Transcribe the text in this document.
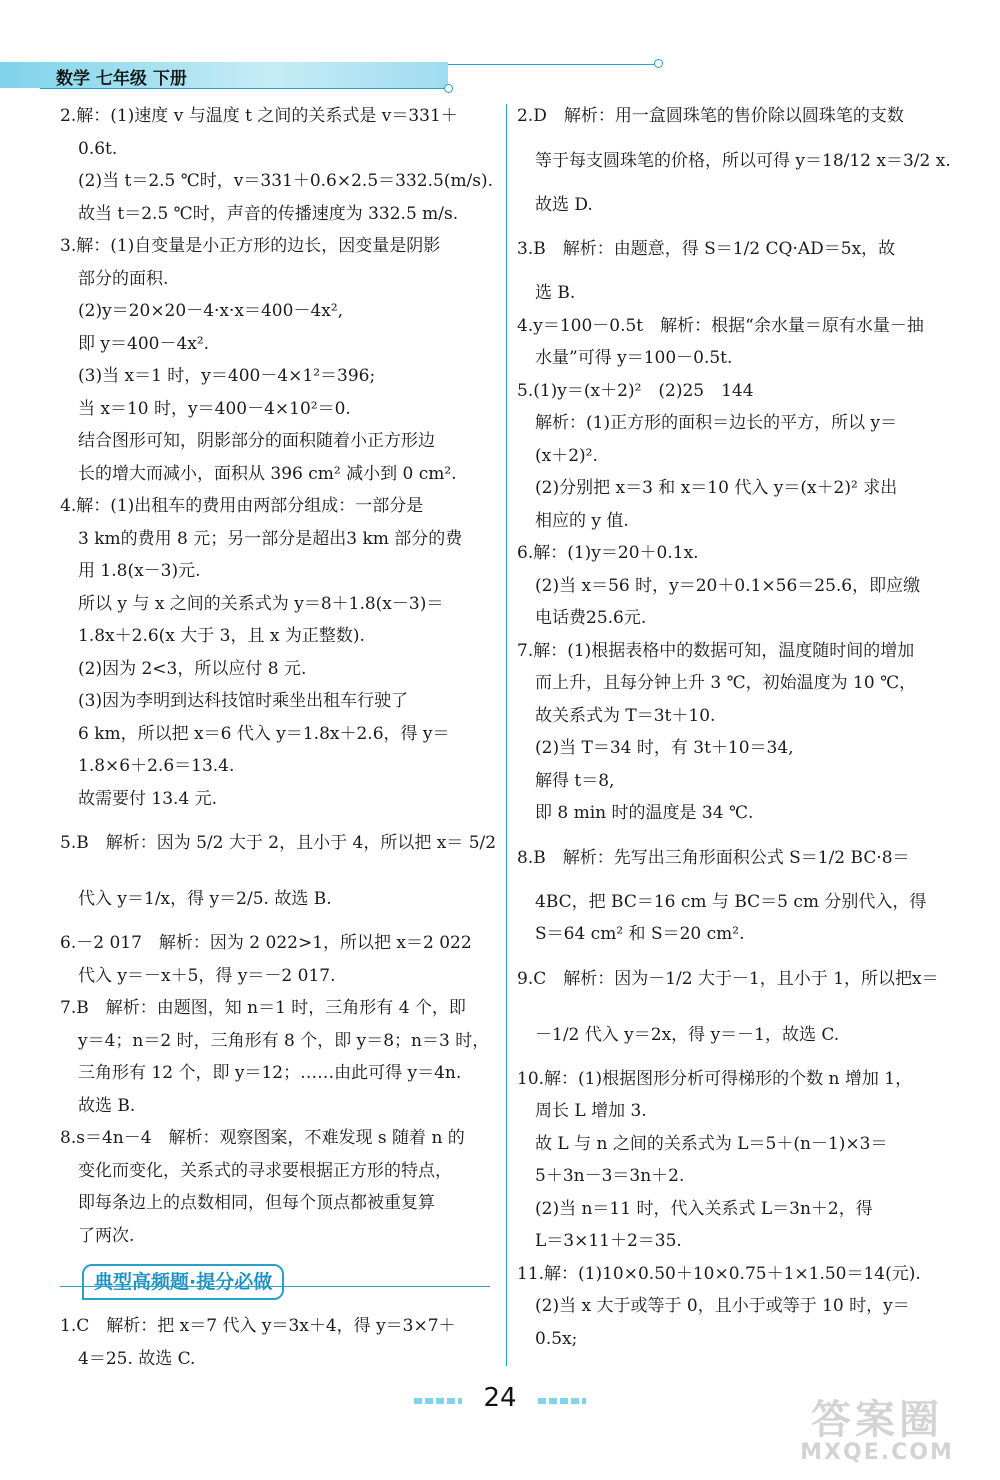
数学 七年级 下册
2.解：(1)速度 v 与温度 t 之间的关系式是 v＝331＋
0.6t.
(2)当 t＝2.5 ℃时，v＝331＋0.6×2.5＝332.5(m/s).
故当 t＝2.5 ℃时，声音的传播速度为 332.5 m/s.
3.解：(1)自变量是小正方形的边长，因变量是阴影
部分的面积.
(2)y＝20×20－4·x·x＝400－4x²,
即 y＝400－4x².
(3)当 x＝1 时，y＝400－4×1²＝396;
当 x＝10 时，y＝400－4×10²＝0.
结合图形可知，阴影部分的面积随着小正方形边
长的增大而减小，面积从 396 cm² 减小到 0 cm².
4.解：(1)出租车的费用由两部分组成：一部分是
3 km的费用 8 元；另一部分是超出3 km 部分的费
用 1.8(x－3)元.
所以 y 与 x 之间的关系式为 y＝8＋1.8(x－3)＝
1.8x＋2.6(x 大于 3，且 x 为正整数).
(2)因为 2<3，所以应付 8 元.
(3)因为李明到达科技馆时乘坐出租车行驶了
6 km，所以把 x＝6 代入 y＝1.8x＋2.6，得 y＝
1.8×6＋2.6＝13.4.
故需要付 13.4 元.
5.B　解析：因为 5/2 大于 2，且小于 4，所以把 x＝ 5/2
代入 y＝1/x，得 y＝2/5. 故选 B.
6.－2 017　解析：因为 2 022>1，所以把 x＝2 022
代入 y＝－x＋5，得 y＝－2 017.
7.B　解析：由题图，知 n＝1 时，三角形有 4 个，即
y＝4；n＝2 时，三角形有 8 个，即 y＝8；n＝3 时，
三角形有 12 个，即 y＝12；……由此可得 y＝4n.
故选 B.
8.s＝4n－4　解析：观察图案，不难发现 s 随着 n 的
变化而变化，关系式的寻求要根据正方形的特点，
即每条边上的点数相同，但每个顶点都被重复算
了两次.
典型高频题·提分必做
1.C　解析：把 x＝7 代入 y＝3x＋4，得 y＝3×7＋
4＝25. 故选 C.
2.D　解析：用一盒圆珠笔的售价除以圆珠笔的支数
等于每支圆珠笔的价格，所以可得 y＝18/12 x＝3/2 x.
故选 D.
3.B　解析：由题意，得 S＝1/2 CQ·AD＝5x，故
选 B.
4.y＝100－0.5t　解析：根据“余水量＝原有水量－抽
水量”可得 y＝100－0.5t.
5.(1)y＝(x＋2)²　(2)25　144
解析：(1)正方形的面积＝边长的平方，所以 y＝
(x＋2)².
(2)分别把 x＝3 和 x＝10 代入 y＝(x＋2)² 求出
相应的 y 值.
6.解：(1)y＝20＋0.1x.
(2)当 x＝56 时，y＝20＋0.1×56＝25.6，即应缴
电话费25.6元.
7.解：(1)根据表格中的数据可知，温度随时间的增加
而上升，且每分钟上升 3 ℃，初始温度为 10 ℃，
故关系式为 T＝3t＋10.
(2)当 T＝34 时，有 3t＋10＝34,
解得 t＝8,
即 8 min 时的温度是 34 ℃.
8.B　解析：先写出三角形面积公式 S＝1/2 BC·8＝
4BC，把 BC＝16 cm 与 BC＝5 cm 分别代入，得
S＝64 cm² 和 S＝20 cm².
9.C　解析：因为－1/2 大于－1，且小于 1，所以把x＝
－1/2 代入 y＝2x，得 y＝－1，故选 C.
10.解：(1)根据图形分析可得梯形的个数 n 增加 1，
周长 L 增加 3.
故 L 与 n 之间的关系式为 L＝5＋(n－1)×3＝
5＋3n－3＝3n＋2.
(2)当 n＝11 时，代入关系式 L＝3n＋2，得
L＝3×11＋2＝35.
11.解：(1)10×0.50＋10×0.75＋1×1.50＝14(元).
(2)当 x 大于或等于 0，且小于或等于 10 时，y＝
0.5x;
24	答案圈
MXQE.COM
